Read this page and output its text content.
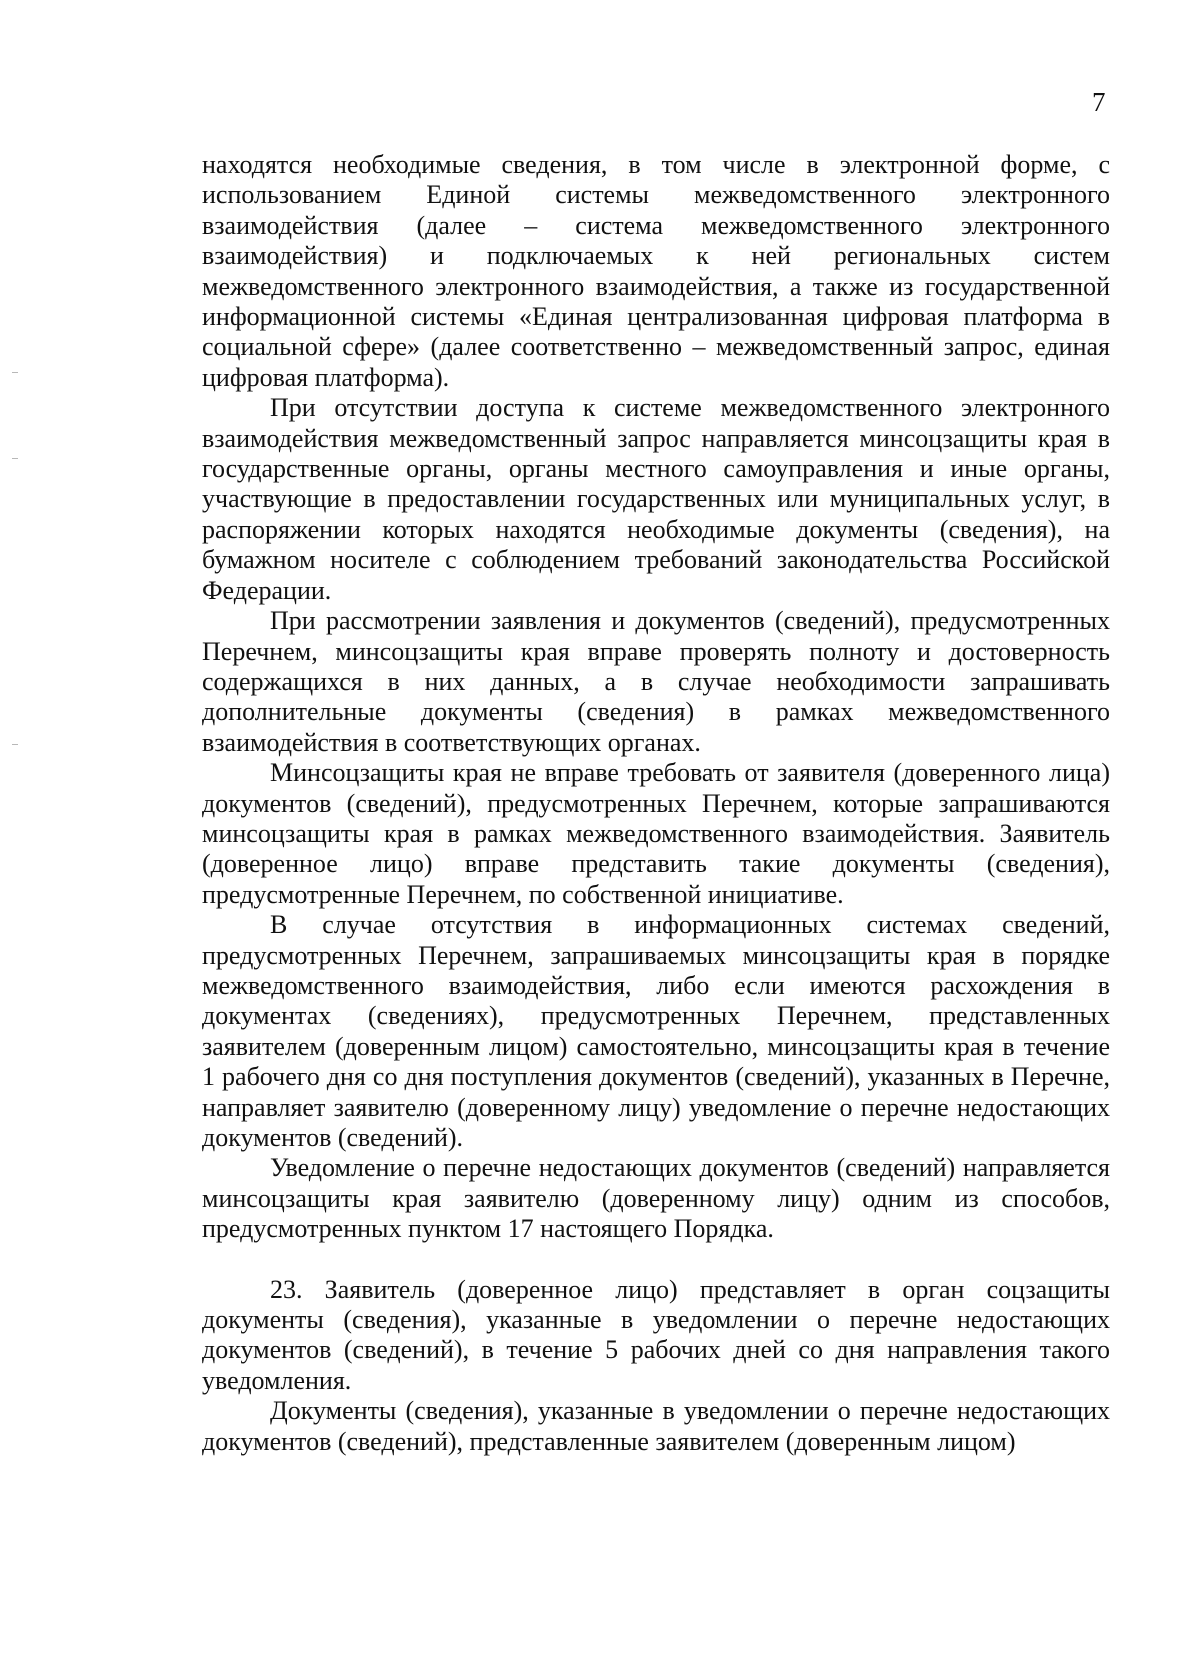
7

находятся необходимые сведения, в том числе в электронной форме, с использованием Единой системы межведомственного электронного взаимодействия (далее – система межведомственного электронного взаимодействия) и подключаемых к ней региональных систем межведомственного электронного взаимодействия, а также из государственной информационной системы «Единая централизованная цифровая платформа в социальной сфере» (далее соответственно – межведомственный запрос, единая цифровая платформа).

При отсутствии доступа к системе межведомственного электронного взаимодействия межведомственный запрос направляется минсоцзащиты края в государственные органы, органы местного самоуправления и иные органы, участвующие в предоставлении государственных или муниципальных услуг, в распоряжении которых находятся необходимые документы (сведения), на бумажном носителе с соблюдением требований законодательства Российской Федерации.

При рассмотрении заявления и документов (сведений), предусмотренных Перечнем, минсоцзащиты края вправе проверять полноту и достоверность содержащихся в них данных, а в случае необходимости запрашивать дополнительные документы (сведения) в рамках межведомственного взаимодействия в соответствующих органах.

Минсоцзащиты края не вправе требовать от заявителя (доверенного лица) документов (сведений), предусмотренных Перечнем, которые запрашиваются минсоцзащиты края в рамках межведомственного взаимодействия. Заявитель (доверенное лицо) вправе представить такие документы (сведения), предусмотренные Перечнем, по собственной инициативе.

В случае отсутствия в информационных системах сведений, предусмотренных Перечнем, запрашиваемых минсоцзащиты края в порядке межведомственного взаимодействия, либо если имеются расхождения в документах (сведениях), предусмотренных Перечнем, представленных заявителем (доверенным лицом) самостоятельно, минсоцзащиты края в течение 1 рабочего дня со дня поступления документов (сведений), указанных в Перечне, направляет заявителю (доверенному лицу) уведомление о перечне недостающих документов (сведений).

Уведомление о перечне недостающих документов (сведений) направляется минсоцзащиты края заявителю (доверенному лицу) одним из способов, предусмотренных пунктом 17 настоящего Порядка.

23. Заявитель (доверенное лицо) представляет в орган соцзащиты документы (сведения), указанные в уведомлении о перечне недостающих документов (сведений), в течение 5 рабочих дней со дня направления такого уведомления.

Документы (сведения), указанные в уведомлении о перечне недостающих документов (сведений), представленные заявителем (доверенным лицом)
